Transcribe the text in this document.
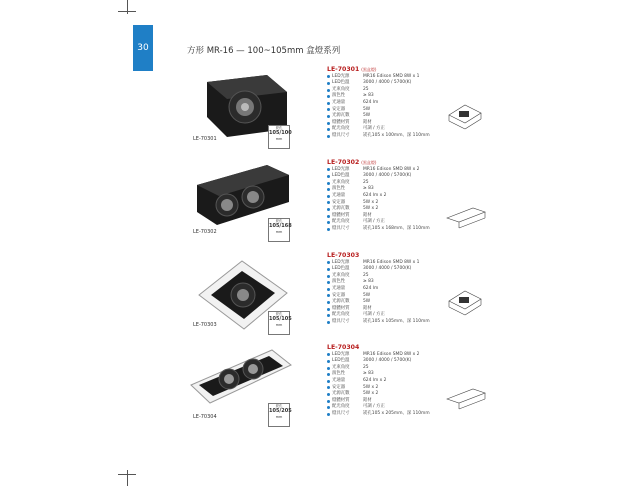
30	方形 MR-16 — 100~105mm 盒燈系列
LE-70301
崁孔
105/100
mm
LE-70301 (黑盒燈)
LED光源	MR16 Edison SMD 8W x 1
LED色溫	3000 / 4000 / 5700(K)
光束角度	25
演色性	≥ 83
光通量	624 lm
安定器	5W
光源瓦數	5W
燈體材質	鋁材
配光角度	可調 / 方正
燈具尺寸	崁孔105 x 100mm、深 110mm
LE-70302
崁孔
105/168
mm
LE-70302 (黑盒燈)
LED光源	MR16 Edison SMD 8W x 2
LED色溫	3000 / 4000 / 5700(K)
光束角度	25
演色性	≥ 83
光通量	624 lm x 2
安定器	5W x 2
光源瓦數	5W x 2
燈體材質	鋁材
配光角度	可調 / 方正
燈具尺寸	崁孔105 x 168mm、深 110mm
LE-70303
崁孔
105/105
mm
LE-70303
LED光源	MR16 Edison SMD 8W x 1
LED色溫	3000 / 4000 / 5700(K)
光束角度	25
演色性	≥ 83
光通量	624 lm
安定器	5W
光源瓦數	5W
燈體材質	鋁材
配光角度	可調 / 方正
燈具尺寸	崁孔105 x 105mm、深 110mm
LE-70304
崁孔
105/205
mm
LE-70304
LED光源	MR16 Edison SMD 8W x 2
LED色溫	3000 / 4000 / 5700(K)
光束角度	25
演色性	≥ 83
光通量	624 lm x 2
安定器	5W x 2
光源瓦數	5W x 2
燈體材質	鋁材
配光角度	可調 / 方正
燈具尺寸	崁孔105 x 205mm、深 110mm
